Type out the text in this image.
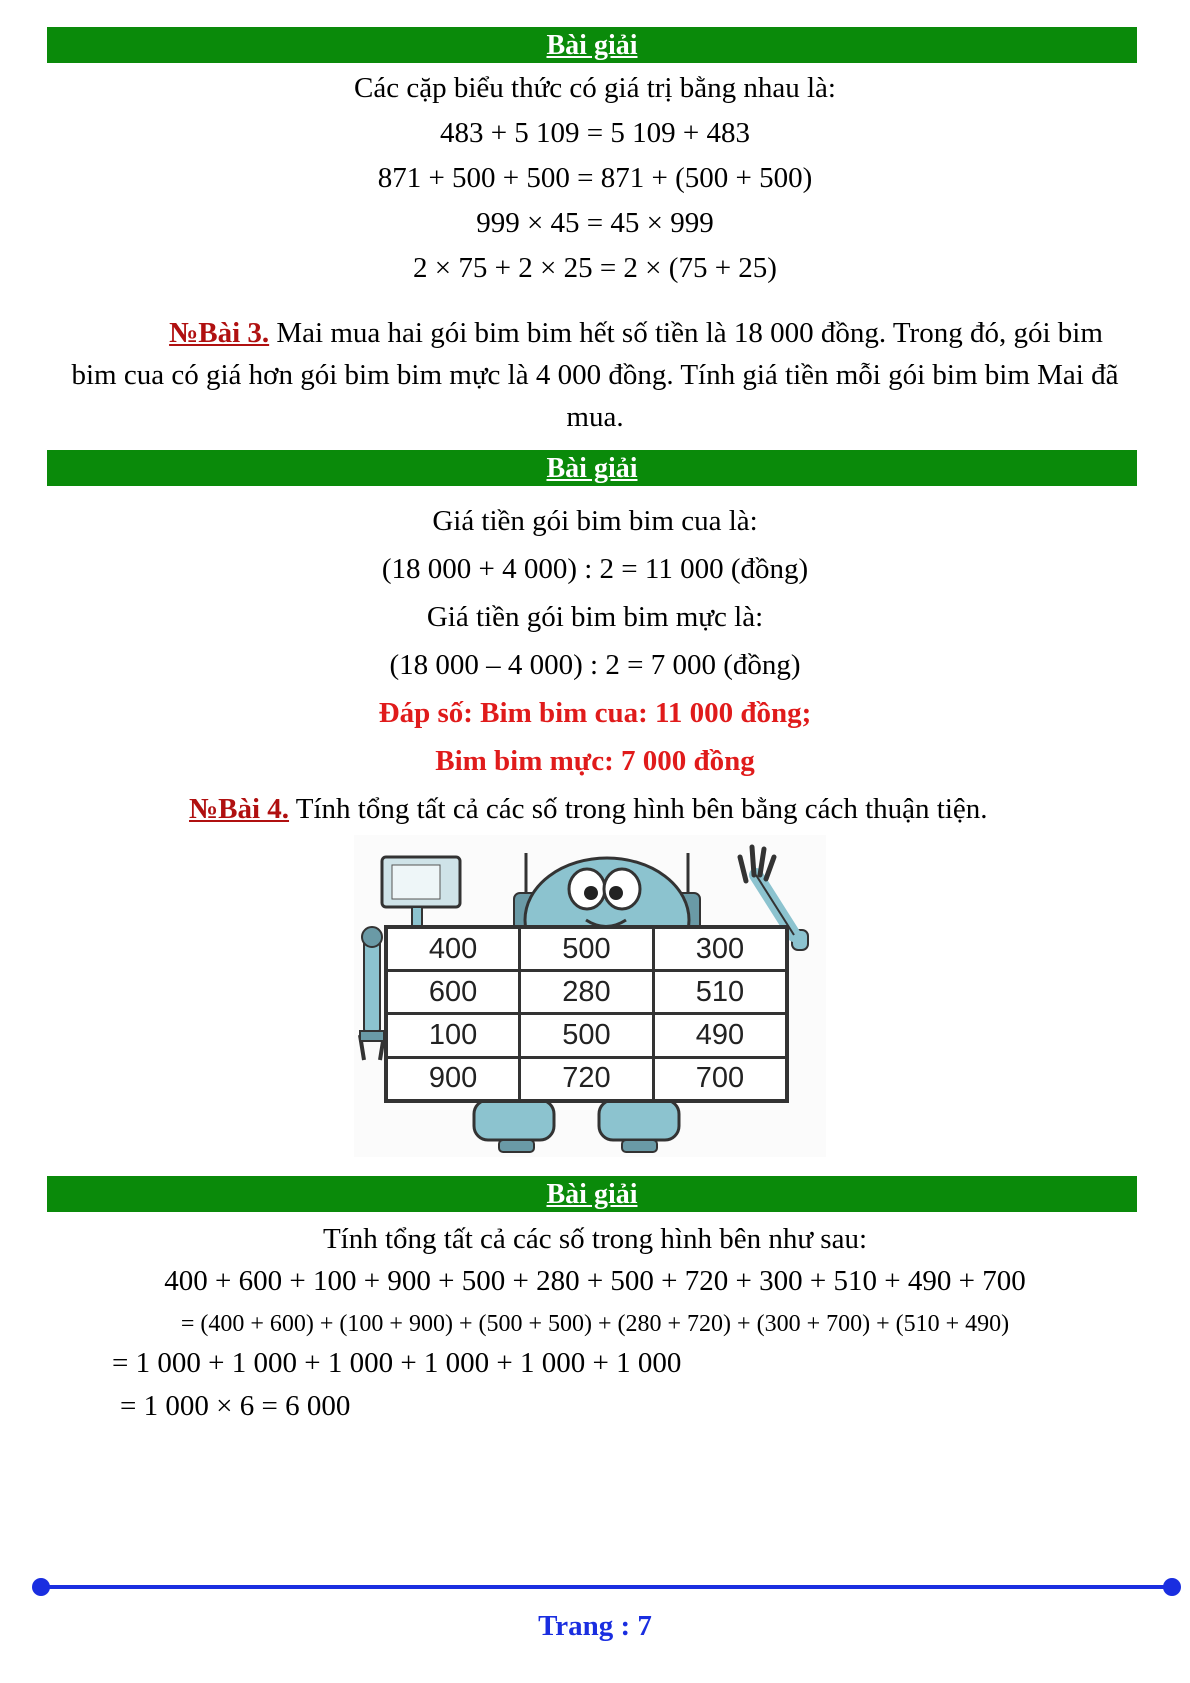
Bài giải
Các cặp biểu thức có giá trị bằng nhau là:
483 + 5 109 = 5 109 + 483
871 + 500 + 500 = 871 + (500 + 500)
999 × 45 = 45 × 999
2 × 75 + 2 × 25 = 2 × (75 + 25)
№Bài 3. Mai mua hai gói bim bim hết số tiền là 18 000 đồng. Trong đó, gói bim bim cua có giá hơn gói bim bim mực là 4 000 đồng. Tính giá tiền mỗi gói bim bim Mai đã mua.
Bài giải
Giá tiền gói bim bim cua là:
(18 000 + 4 000) : 2 = 11 000 (đồng)
Giá tiền gói bim bim mực là:
(18 000 – 4 000) : 2 = 7 000 (đồng)
Đáp số: Bim bim cua: 11 000 đồng;
Bim bim mực: 7 000 đồng
№Bài 4. Tính tổng tất cả các số trong hình bên bằng cách thuận tiện.
400	500	300
600	280	510
100	500	490
900	720	700
Bài giải
Tính tổng tất cả các số trong hình bên như sau:
400 + 600 + 100 + 900 + 500 + 280 + 500 + 720 + 300 + 510 + 490 + 700
= (400 + 600) + (100 + 900) + (500 + 500) + (280 + 720) + (300 + 700) + (510 + 490)
= 1 000 + 1 000 + 1 000 + 1 000 + 1 000 + 1 000
= 1 000 × 6 = 6 000
Trang : 7
